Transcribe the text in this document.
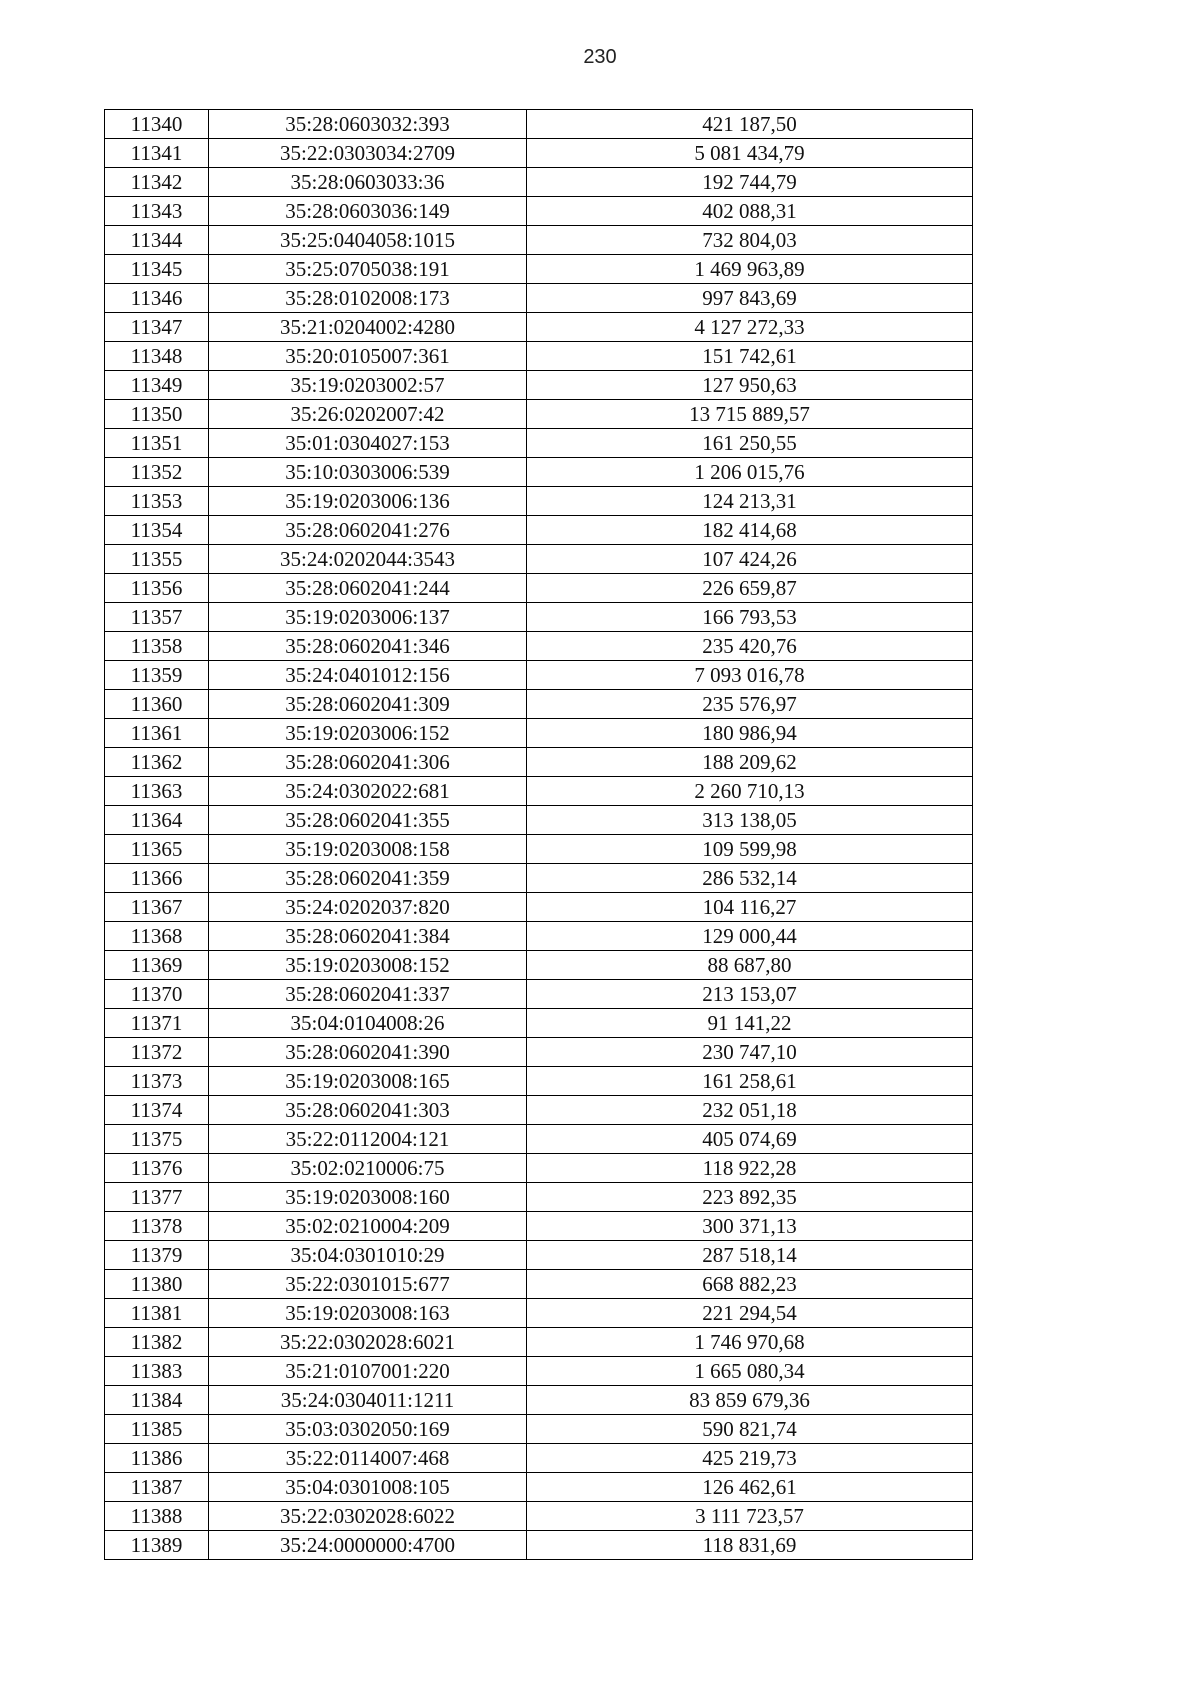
230
11340	35:28:0603032:393	421 187,50
11341	35:22:0303034:2709	5 081 434,79
11342	35:28:0603033:36	192 744,79
11343	35:28:0603036:149	402 088,31
11344	35:25:0404058:1015	732 804,03
11345	35:25:0705038:191	1 469 963,89
11346	35:28:0102008:173	997 843,69
11347	35:21:0204002:4280	4 127 272,33
11348	35:20:0105007:361	151 742,61
11349	35:19:0203002:57	127 950,63
11350	35:26:0202007:42	13 715 889,57
11351	35:01:0304027:153	161 250,55
11352	35:10:0303006:539	1 206 015,76
11353	35:19:0203006:136	124 213,31
11354	35:28:0602041:276	182 414,68
11355	35:24:0202044:3543	107 424,26
11356	35:28:0602041:244	226 659,87
11357	35:19:0203006:137	166 793,53
11358	35:28:0602041:346	235 420,76
11359	35:24:0401012:156	7 093 016,78
11360	35:28:0602041:309	235 576,97
11361	35:19:0203006:152	180 986,94
11362	35:28:0602041:306	188 209,62
11363	35:24:0302022:681	2 260 710,13
11364	35:28:0602041:355	313 138,05
11365	35:19:0203008:158	109 599,98
11366	35:28:0602041:359	286 532,14
11367	35:24:0202037:820	104 116,27
11368	35:28:0602041:384	129 000,44
11369	35:19:0203008:152	88 687,80
11370	35:28:0602041:337	213 153,07
11371	35:04:0104008:26	91 141,22
11372	35:28:0602041:390	230 747,10
11373	35:19:0203008:165	161 258,61
11374	35:28:0602041:303	232 051,18
11375	35:22:0112004:121	405 074,69
11376	35:02:0210006:75	118 922,28
11377	35:19:0203008:160	223 892,35
11378	35:02:0210004:209	300 371,13
11379	35:04:0301010:29	287 518,14
11380	35:22:0301015:677	668 882,23
11381	35:19:0203008:163	221 294,54
11382	35:22:0302028:6021	1 746 970,68
11383	35:21:0107001:220	1 665 080,34
11384	35:24:0304011:1211	83 859 679,36
11385	35:03:0302050:169	590 821,74
11386	35:22:0114007:468	425 219,73
11387	35:04:0301008:105	126 462,61
11388	35:22:0302028:6022	3 111 723,57
11389	35:24:0000000:4700	118 831,69
